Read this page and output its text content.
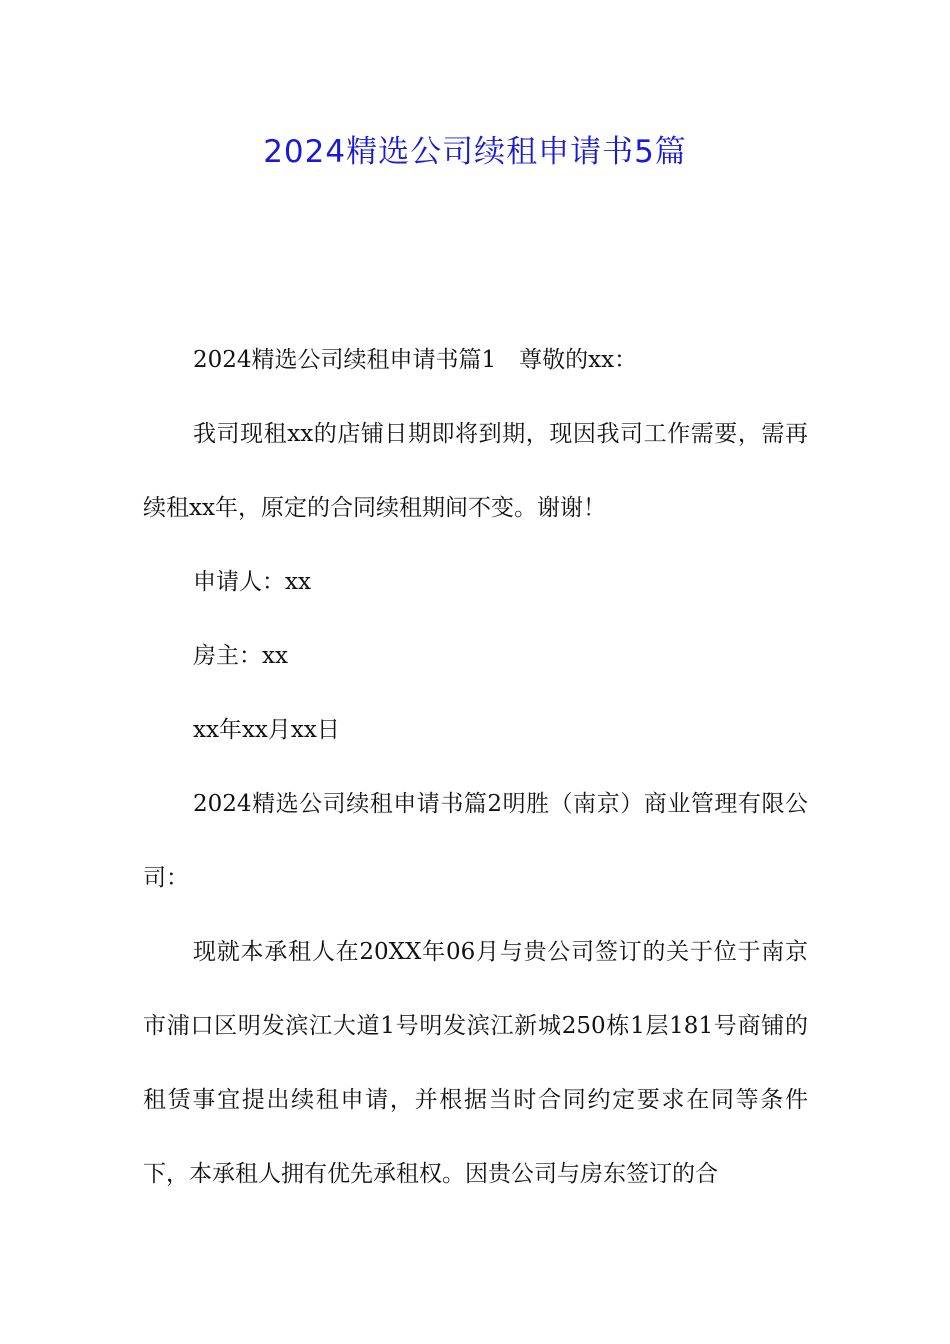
2024精选公司续租申请书5篇

2024精选公司续租申请书篇1　尊敬的xx：

我司现租xx的店铺日期即将到期，现因我司工作需要，需再续租xx年，原定的合同续租期间不变。谢谢！

申请人：xx

房主：xx

xx年xx月xx日

2024精选公司续租申请书篇2明胜（南京）商业管理有限公司：

现就本承租人在20XX年06月与贵公司签订的关于位于南京市浦口区明发滨江大道1号明发滨江新城250栋1层181号商铺的租赁事宜提出续租申请，并根据当时合同约定要求在同等条件下，本承租人拥有优先承租权。因贵公司与房东签订的合
